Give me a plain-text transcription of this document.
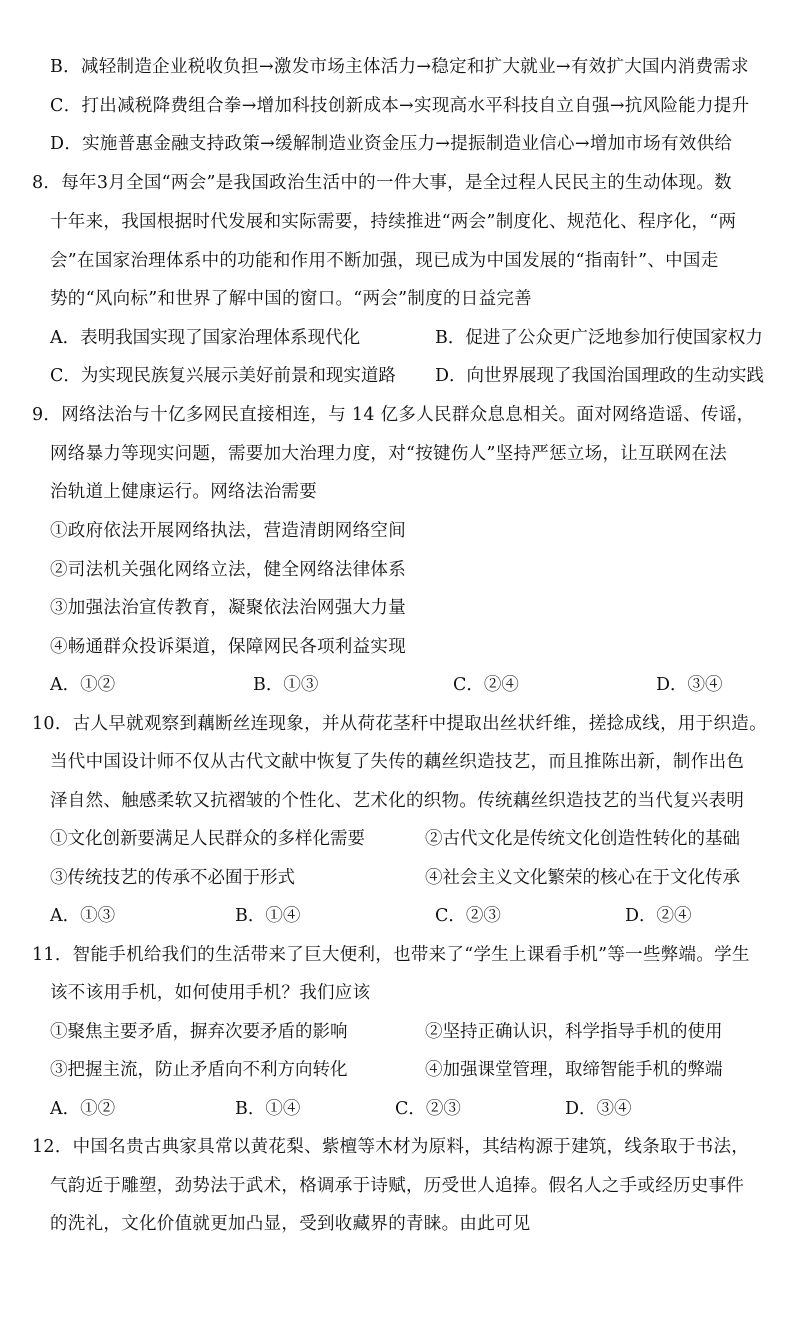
B．减轻制造企业税收负担→激发市场主体活力→稳定和扩大就业→有效扩大国内消费需求
C．打出减税降费组合拳→增加科技创新成本→实现高水平科技自立自强→抗风险能力提升
D．实施普惠金融支持政策→缓解制造业资金压力→提振制造业信心→增加市场有效供给
8．每年3月全国“两会”是我国政治生活中的一件大事，是全过程人民民主的生动体现。数
十年来，我国根据时代发展和实际需要，持续推进“两会”制度化、规范化、程序化，“两
会”在国家治理体系中的功能和作用不断加强，现已成为中国发展的“指南针”、中国走
势的“风向标”和世界了解中国的窗口。“两会”制度的日益完善
A．表明我国实现了国家治理体系现代化	B．促进了公众更广泛地参加行使国家权力
C．为实现民族复兴展示美好前景和现实道路 D．向世界展现了我国治国理政的生动实践
9．网络法治与十亿多网民直接相连，与 14 亿多人民群众息息相关。面对网络造谣、传谣，
网络暴力等现实问题，需要加大治理力度，对“按键伤人”坚持严惩立场，让互联网在法
治轨道上健康运行。网络法治需要
①政府依法开展网络执法，营造清朗网络空间
②司法机关强化网络立法，健全网络法律体系
③加强法治宣传教育，凝聚依法治网强大力量
④畅通群众投诉渠道，保障网民各项利益实现
A．①②	B．①③	C．②④	D．③④
10．古人早就观察到藕断丝连现象，并从荷花茎秆中提取出丝状纤维，搓捻成线，用于织造。
当代中国设计师不仅从古代文献中恢复了失传的藕丝织造技艺，而且推陈出新，制作出色
泽自然、触感柔软又抗褶皱的个性化、艺术化的织物。传统藕丝织造技艺的当代复兴表明
①文化创新要满足人民群众的多样化需要	②古代文化是传统文化创造性转化的基础
③传统技艺的传承不必囿于形式	④社会主义文化繁荣的核心在于文化传承
A．①③	B．①④	C．②③	D．②④
11．智能手机给我们的生活带来了巨大便利，也带来了“学生上课看手机”等一些弊端。学生
该不该用手机，如何使用手机？我们应该
①聚焦主要矛盾，摒弃次要矛盾的影响	②坚持正确认识，科学指导手机的使用
③把握主流，防止矛盾向不利方向转化	④加强课堂管理，取缔智能手机的弊端
A．①②	B．①④	C．②③	D．③④
12．中国名贵古典家具常以黄花梨、紫檀等木材为原料，其结构源于建筑，线条取于书法，
气韵近于雕塑，劲势法于武术，格调承于诗赋，历受世人追捧。假名人之手或经历史事件
的洗礼，文化价值就更加凸显，受到收藏界的青睐。由此可见
